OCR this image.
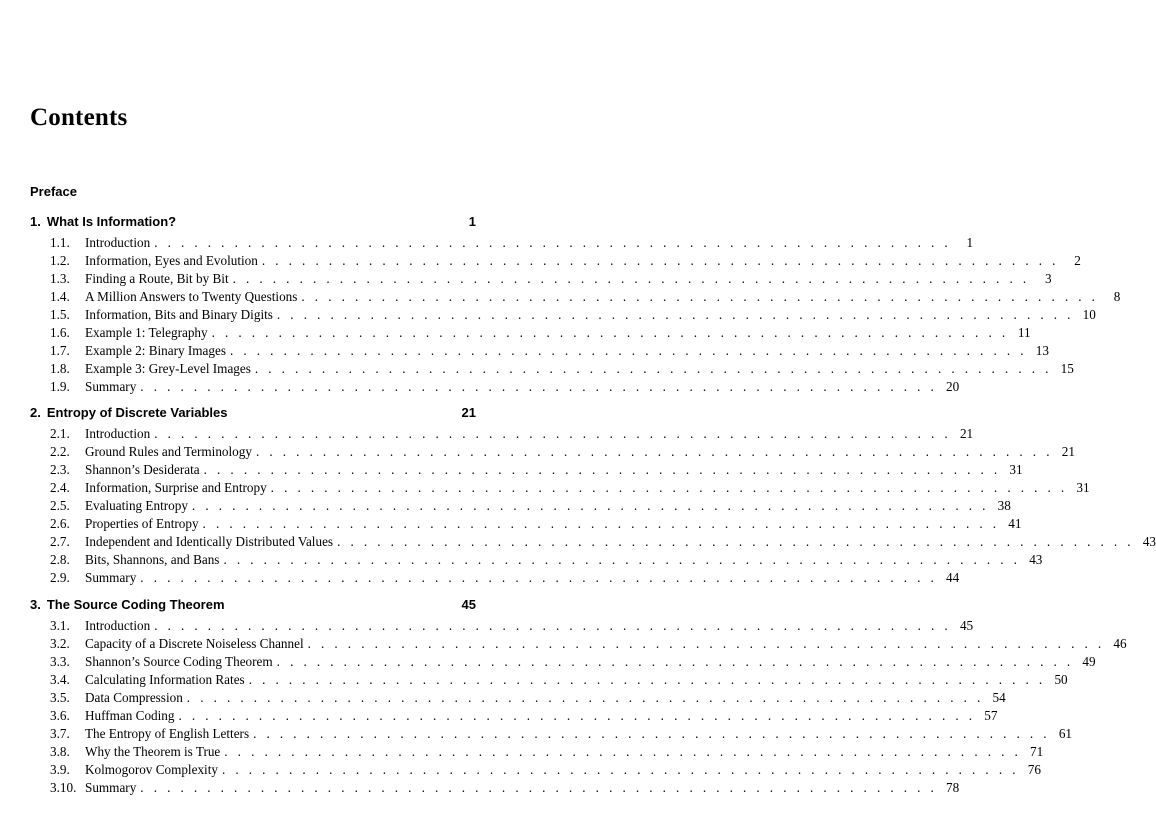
Contents
Preface
1. What Is Information?	1
1.1.	Introduction . . . . . . . . . . . . . . . . . . . . . . . . . . . . . . . . . . . . . . . . . . . . . . . . . . . . . . . . . . . .	1
1.2.	Information, Eyes and Evolution . . . . . . . . . . . . . . . . . . . . . . . . . . . . . . . . . . . . . . . . . . . . . . . . . . . . . . . . . . . .	2
1.3.	Finding a Route, Bit by Bit . . . . . . . . . . . . . . . . . . . . . . . . . . . . . . . . . . . . . . . . . . . . . . . . . . . . . . . . . . . .	3
1.4.	A Million Answers to Twenty Questions . . . . . . . . . . . . . . . . . . . . . . . . . . . . . . . . . . . . . . . . . . . . . . . . . . . . . . . . . . . .	8
1.5.	Information, Bits and Binary Digits . . . . . . . . . . . . . . . . . . . . . . . . . . . . . . . . . . . . . . . . . . . . . . . . . . . . . . . . . . . . 10
1.6.	Example 1: Telegraphy . . . . . . . . . . . . . . . . . . . . . . . . . . . . . . . . . . . . . . . . . . . . . . . . . . . . . . . . . . . . 11
1.7.	Example 2: Binary Images . . . . . . . . . . . . . . . . . . . . . . . . . . . . . . . . . . . . . . . . . . . . . . . . . . . . . . . . . . . . 13
1.8.	Example 3: Grey-Level Images . . . . . . . . . . . . . . . . . . . . . . . . . . . . . . . . . . . . . . . . . . . . . . . . . . . . . . . . . . . . 15
1.9.	Summary . . . . . . . . . . . . . . . . . . . . . . . . . . . . . . . . . . . . . . . . . . . . . . . . . . . . . . . . . . . . 20
2. Entropy of Discrete Variables	21
2.1.	Introduction . . . . . . . . . . . . . . . . . . . . . . . . . . . . . . . . . . . . . . . . . . . . . . . . . . . . . . . . . . . . 21
2.2.	Ground Rules and Terminology . . . . . . . . . . . . . . . . . . . . . . . . . . . . . . . . . . . . . . . . . . . . . . . . . . . . . . . . . . . . 21
2.3.	Shannon’s Desiderata . . . . . . . . . . . . . . . . . . . . . . . . . . . . . . . . . . . . . . . . . . . . . . . . . . . . . . . . . . . . 31
2.4.	Information, Surprise and Entropy . . . . . . . . . . . . . . . . . . . . . . . . . . . . . . . . . . . . . . . . . . . . . . . . . . . . . . . . . . . . 31
2.5.	Evaluating Entropy . . . . . . . . . . . . . . . . . . . . . . . . . . . . . . . . . . . . . . . . . . . . . . . . . . . . . . . . . . . . 38
2.6.	Properties of Entropy . . . . . . . . . . . . . . . . . . . . . . . . . . . . . . . . . . . . . . . . . . . . . . . . . . . . . . . . . . . . 41
2.7.	Independent and Identically Distributed Values . . . . . . . . . . . . . . . . . . . . . . . . . . . . . . . . . . . . . . . . . . . . . . . . . . . . . . . . . . . . 43
2.8.	Bits, Shannons, and Bans . . . . . . . . . . . . . . . . . . . . . . . . . . . . . . . . . . . . . . . . . . . . . . . . . . . . . . . . . . . . 43
2.9.	Summary . . . . . . . . . . . . . . . . . . . . . . . . . . . . . . . . . . . . . . . . . . . . . . . . . . . . . . . . . . . . 44
3. The Source Coding Theorem	45
3.1.	Introduction . . . . . . . . . . . . . . . . . . . . . . . . . . . . . . . . . . . . . . . . . . . . . . . . . . . . . . . . . . . . 45
3.2.	Capacity of a Discrete Noiseless Channel . . . . . . . . . . . . . . . . . . . . . . . . . . . . . . . . . . . . . . . . . . . . . . . . . . . . . . . . . . . . 46
3.3.	Shannon’s Source Coding Theorem . . . . . . . . . . . . . . . . . . . . . . . . . . . . . . . . . . . . . . . . . . . . . . . . . . . . . . . . . . . . 49
3.4.	Calculating Information Rates . . . . . . . . . . . . . . . . . . . . . . . . . . . . . . . . . . . . . . . . . . . . . . . . . . . . . . . . . . . . 50
3.5.	Data Compression . . . . . . . . . . . . . . . . . . . . . . . . . . . . . . . . . . . . . . . . . . . . . . . . . . . . . . . . . . . . 54
3.6.	Huffman Coding . . . . . . . . . . . . . . . . . . . . . . . . . . . . . . . . . . . . . . . . . . . . . . . . . . . . . . . . . . . . 57
3.7.	The Entropy of English Letters . . . . . . . . . . . . . . . . . . . . . . . . . . . . . . . . . . . . . . . . . . . . . . . . . . . . . . . . . . . . 61
3.8.	Why the Theorem is True . . . . . . . . . . . . . . . . . . . . . . . . . . . . . . . . . . . . . . . . . . . . . . . . . . . . . . . . . . . . 71
3.9.	Kolmogorov Complexity . . . . . . . . . . . . . . . . . . . . . . . . . . . . . . . . . . . . . . . . . . . . . . . . . . . . . . . . . . . . 76
3.10. Summary . . . . . . . . . . . . . . . . . . . . . . . . . . . . . . . . . . . . . . . . . . . . . . . . . . . . . . . . . . . . 78
